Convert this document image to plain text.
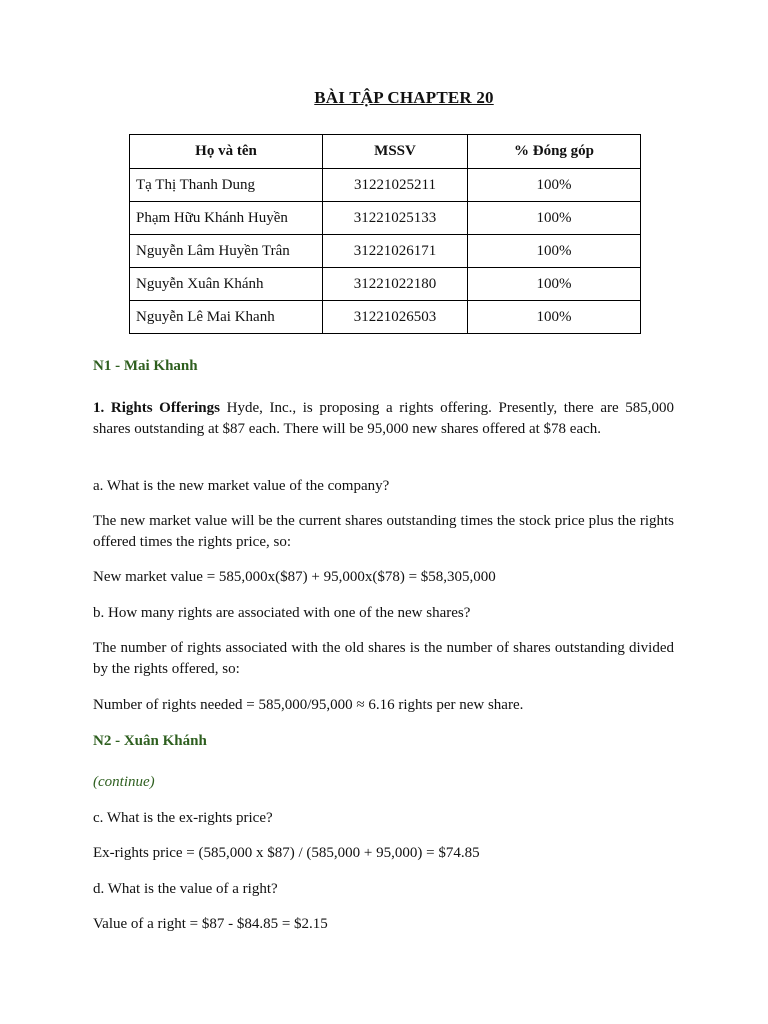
BÀI TẬP CHAPTER 20
Họ và tên	MSSV	% Đóng góp
Tạ Thị Thanh Dung	31221025211	100%
Phạm Hữu Khánh Huyền	31221025133	100%
Nguyễn Lâm Huyền Trân	31221026171	100%
Nguyễn Xuân Khánh	31221022180	100%
Nguyễn Lê Mai Khanh	31221026503	100%
N1 - Mai Khanh
1. Rights Offerings Hyde, Inc., is proposing a rights offering. Presently, there are 585,000 shares outstanding at $87 each. There will be 95,000 new shares offered at $78 each.
a. What is the new market value of the company?
The new market value will be the current shares outstanding times the stock price plus the rights offered times the rights price, so:
New market value = 585,000x($87) + 95,000x($78) = $58,305,000
b. How many rights are associated with one of the new shares?
The number of rights associated with the old shares is the number of shares outstanding divided by the rights offered, so:
Number of rights needed = 585,000/95,000 ≈ 6.16 rights per new share.
N2 - Xuân Khánh
(continue)
c. What is the ex-rights price?
Ex-rights price = (585,000 x $87) / (585,000 + 95,000) = $74.85
d. What is the value of a right?
Value of a right = $87 - $84.85 = $2.15
